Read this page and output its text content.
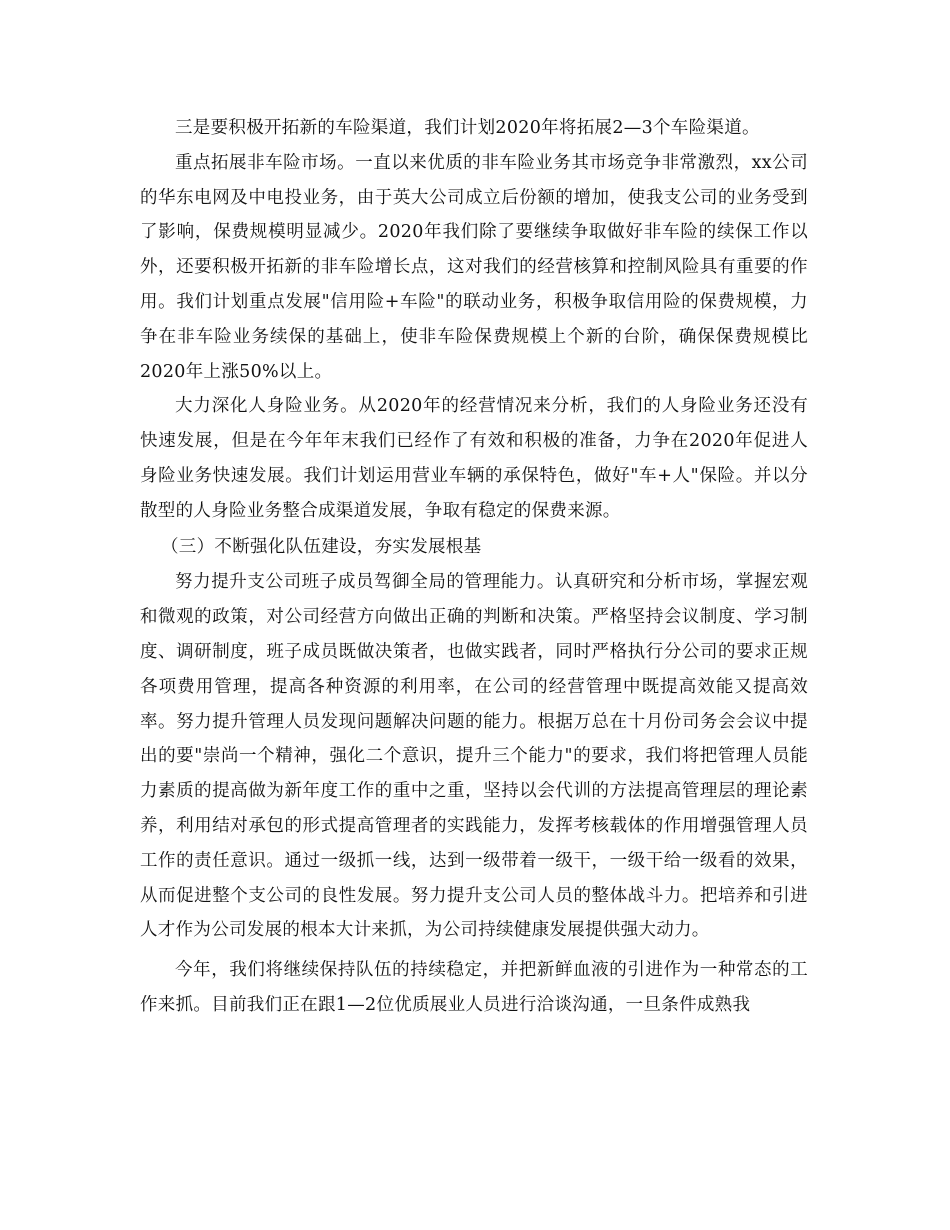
三是要积极开拓新的车险渠道，我们计划2020年将拓展2—3个车险渠道。

重点拓展非车险市场。一直以来优质的非车险业务其市场竞争非常激烈，xx公司的华东电网及中电投业务，由于英大公司成立后份额的增加，使我支公司的业务受到了影响，保费规模明显减少。2020年我们除了要继续争取做好非车险的续保工作以外，还要积极开拓新的非车险增长点，这对我们的经营核算和控制风险具有重要的作用。我们计划重点发展"信用险+车险"的联动业务，积极争取信用险的保费规模，力争在非车险业务续保的基础上，使非车险保费规模上个新的台阶，确保保费规模比2020年上涨50%以上。

大力深化人身险业务。从2020年的经营情况来分析，我们的人身险业务还没有快速发展，但是在今年年末我们已经作了有效和积极的准备，力争在2020年促进人身险业务快速发展。我们计划运用营业车辆的承保特色，做好"车+人"保险。并以分散型的人身险业务整合成渠道发展，争取有稳定的保费来源。

（三）不断强化队伍建设，夯实发展根基

努力提升支公司班子成员驾御全局的管理能力。认真研究和分析市场，掌握宏观和微观的政策，对公司经营方向做出正确的判断和决策。严格坚持会议制度、学习制度、调研制度，班子成员既做决策者，也做实践者，同时严格执行分公司的要求正规各项费用管理，提高各种资源的利用率，在公司的经营管理中既提高效能又提高效率。努力提升管理人员发现问题解决问题的能力。根据万总在十月份司务会会议中提出的要"崇尚一个精神，强化二个意识，提升三个能力"的要求，我们将把管理人员能力素质的提高做为新年度工作的重中之重，坚持以会代训的方法提高管理层的理论素养，利用结对承包的形式提高管理者的实践能力，发挥考核载体的作用增强管理人员工作的责任意识。通过一级抓一线，达到一级带着一级干，一级干给一级看的效果，从而促进整个支公司的良性发展。努力提升支公司人员的整体战斗力。把培养和引进人才作为公司发展的根本大计来抓，为公司持续健康发展提供强大动力。

今年，我们将继续保持队伍的持续稳定，并把新鲜血液的引进作为一种常态的工作来抓。目前我们正在跟1—2位优质展业人员进行洽谈沟通，一旦条件成熟我
